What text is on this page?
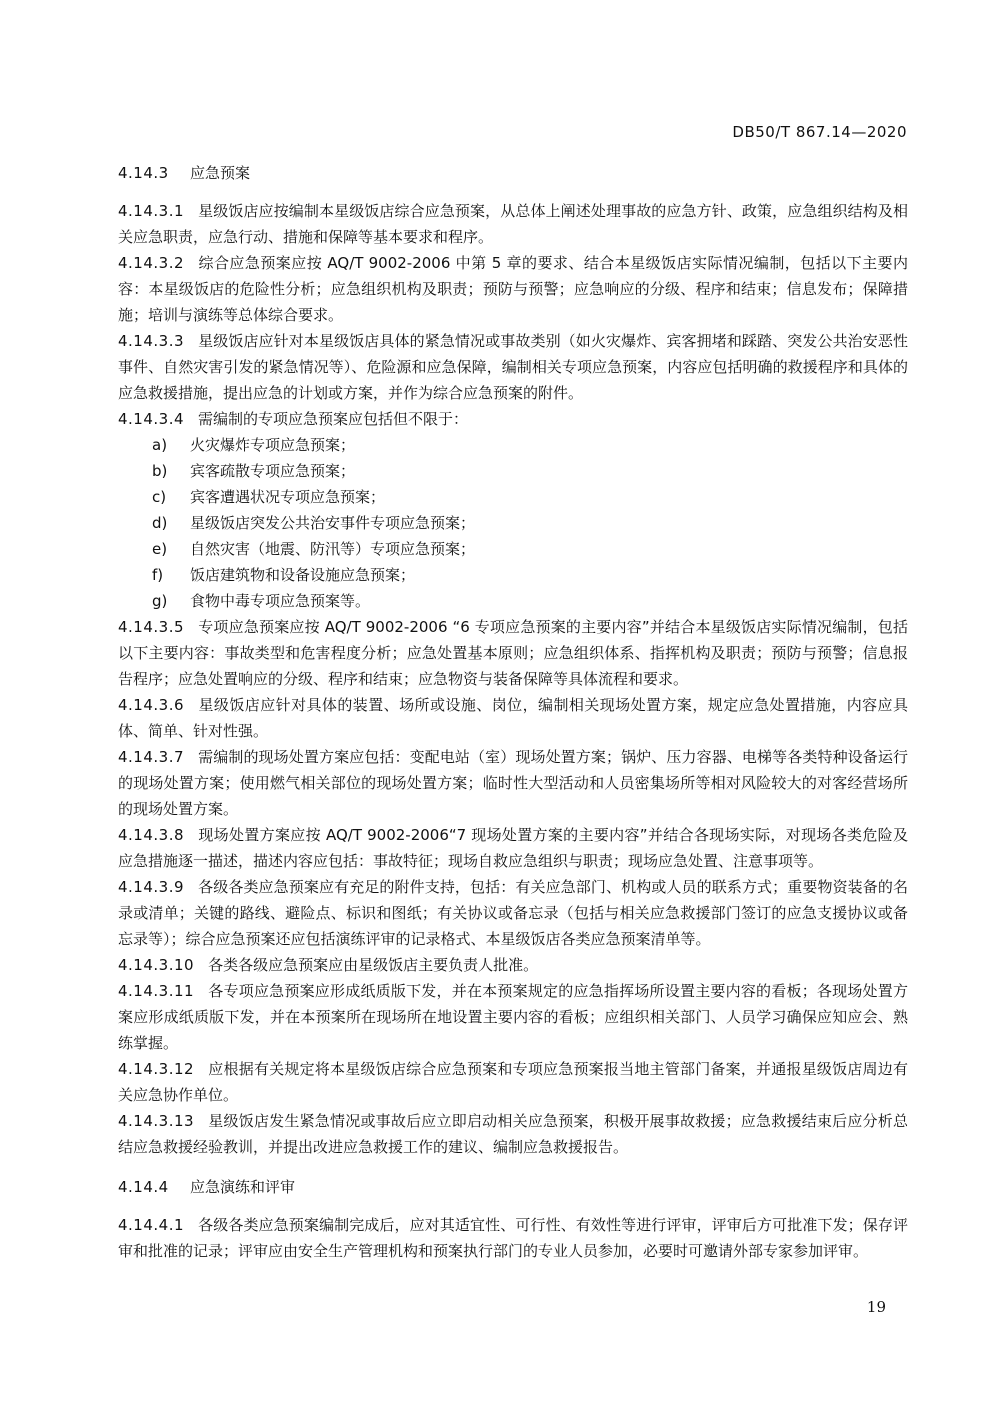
DB50/T 867.14—2020
4.14.3 应急预案

4.14.3.1 星级饭店应按编制本星级饭店综合应急预案，从总体上阐述处理事故的应急方针、政策，应急组织结构及相关应急职责，应急行动、措施和保障等基本要求和程序。

4.14.3.2 综合应急预案应按 AQ/T 9002-2006 中第 5 章的要求、结合本星级饭店实际情况编制，包括以下主要内容：本星级饭店的危险性分析；应急组织机构及职责；预防与预警；应急响应的分级、程序和结束；信息发布；保障措施；培训与演练等总体综合要求。

4.14.3.3 星级饭店应针对本星级饭店具体的紧急情况或事故类别（如火灾爆炸、宾客拥堵和踩踏、突发公共治安恶性事件、自然灾害引发的紧急情况等）、危险源和应急保障，编制相关专项应急预案，内容应包括明确的救援程序和具体的应急救援措施，提出应急的计划或方案，并作为综合应急预案的附件。

4.14.3.4 需编制的专项应急预案应包括但不限于：

a)	火灾爆炸专项应急预案；
b)	宾客疏散专项应急预案；
c)	宾客遭遇状况专项应急预案；
d)	星级饭店突发公共治安事件专项应急预案；
e)	自然灾害（地震、防汛等）专项应急预案；
f)	饭店建筑物和设备设施应急预案；
g)	食物中毒专项应急预案等。

4.14.3.5 专项应急预案应按 AQ/T 9002-2006 “6 专项应急预案的主要内容”并结合本星级饭店实际情况编制，包括以下主要内容：事故类型和危害程度分析；应急处置基本原则；应急组织体系、指挥机构及职责；预防与预警；信息报告程序；应急处置响应的分级、程序和结束；应急物资与装备保障等具体流程和要求。

4.14.3.6 星级饭店应针对具体的装置、场所或设施、岗位，编制相关现场处置方案，规定应急处置措施，内容应具体、简单、针对性强。

4.14.3.7 需编制的现场处置方案应包括：变配电站（室）现场处置方案；锅炉、压力容器、电梯等各类特种设备运行的现场处置方案；使用燃气相关部位的现场处置方案；临时性大型活动和人员密集场所等相对风险较大的对客经营场所的现场处置方案。

4.14.3.8 现场处置方案应按 AQ/T 9002-2006“7 现场处置方案的主要内容”并结合各现场实际，对现场各类危险及应急措施逐一描述，描述内容应包括：事故特征；现场自救应急组织与职责；现场应急处置、注意事项等。

4.14.3.9 各级各类应急预案应有充足的附件支持，包括：有关应急部门、机构或人员的联系方式；重要物资装备的名录或清单；关键的路线、避险点、标识和图纸；有关协议或备忘录（包括与相关应急救援部门签订的应急支援协议或备忘录等）；综合应急预案还应包括演练评审的记录格式、本星级饭店各类应急预案清单等。

4.14.3.10 各类各级应急预案应由星级饭店主要负责人批准。

4.14.3.11 各专项应急预案应形成纸质版下发，并在本预案规定的应急指挥场所设置主要内容的看板；各现场处置方案应形成纸质版下发，并在本预案所在现场所在地设置主要内容的看板；应组织相关部门、人员学习确保应知应会、熟练掌握。

4.14.3.12 应根据有关规定将本星级饭店综合应急预案和专项应急预案报当地主管部门备案，并通报星级饭店周边有关应急协作单位。

4.14.3.13 星级饭店发生紧急情况或事故后应立即启动相关应急预案，积极开展事故救援；应急救援结束后应分析总结应急救援经验教训，并提出改进应急救援工作的建议、编制应急救援报告。

4.14.4 应急演练和评审

4.14.4.1 各级各类应急预案编制完成后，应对其适宜性、可行性、有效性等进行评审，评审后方可批准下发；保存评审和批准的记录；评审应由安全生产管理机构和预案执行部门的专业人员参加，必要时可邀请外部专家参加评审。

19
